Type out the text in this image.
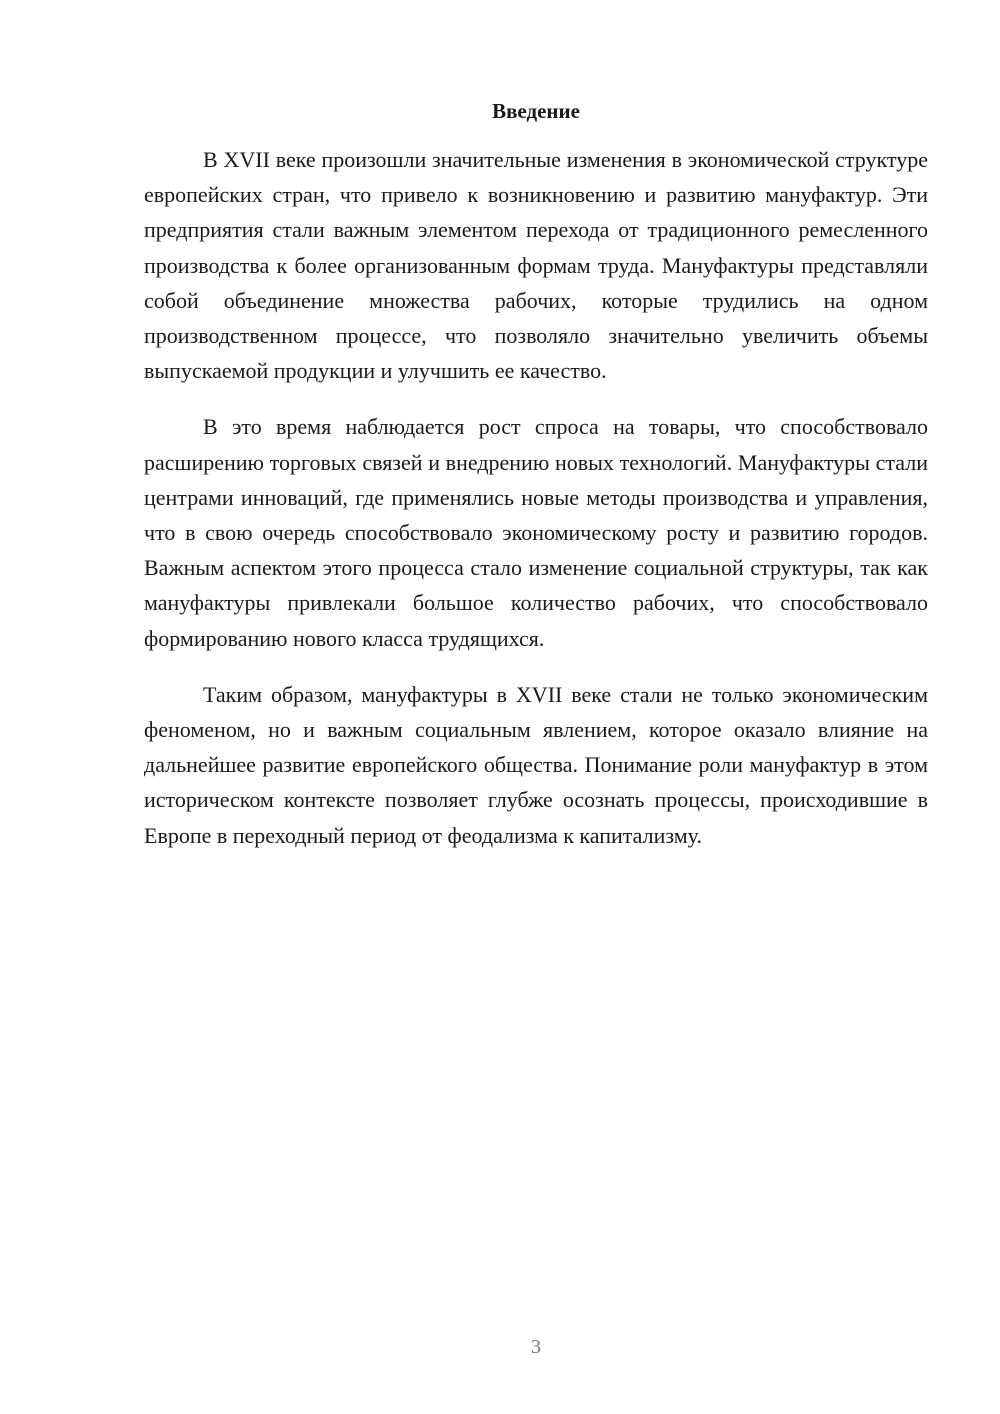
Введение

В XVII веке произошли значительные изменения в экономической структуре европейских стран, что привело к возникновению и развитию мануфактур. Эти предприятия стали важным элементом перехода от традиционного ремесленного производства к более организованным формам труда. Мануфактуры представляли собой объединение множества рабочих, которые трудились на одном производственном процессе, что позволяло значительно увеличить объемы выпускаемой продукции и улучшить ее качество.

В это время наблюдается рост спроса на товары, что способствовало расширению торговых связей и внедрению новых технологий. Мануфактуры стали центрами инноваций, где применялись новые методы производства и управления, что в свою очередь способствовало экономическому росту и развитию городов. Важным аспектом этого процесса стало изменение социальной структуры, так как мануфактуры привлекали большое количество рабочих, что способствовало формированию нового класса трудящихся.

Таким образом, мануфактуры в XVII веке стали не только экономическим феноменом, но и важным социальным явлением, которое оказало влияние на дальнейшее развитие европейского общества. Понимание роли мануфактур в этом историческом контексте позволяет глубже осознать процессы, происходившие в Европе в переходный период от феодализма к капитализму.

3
